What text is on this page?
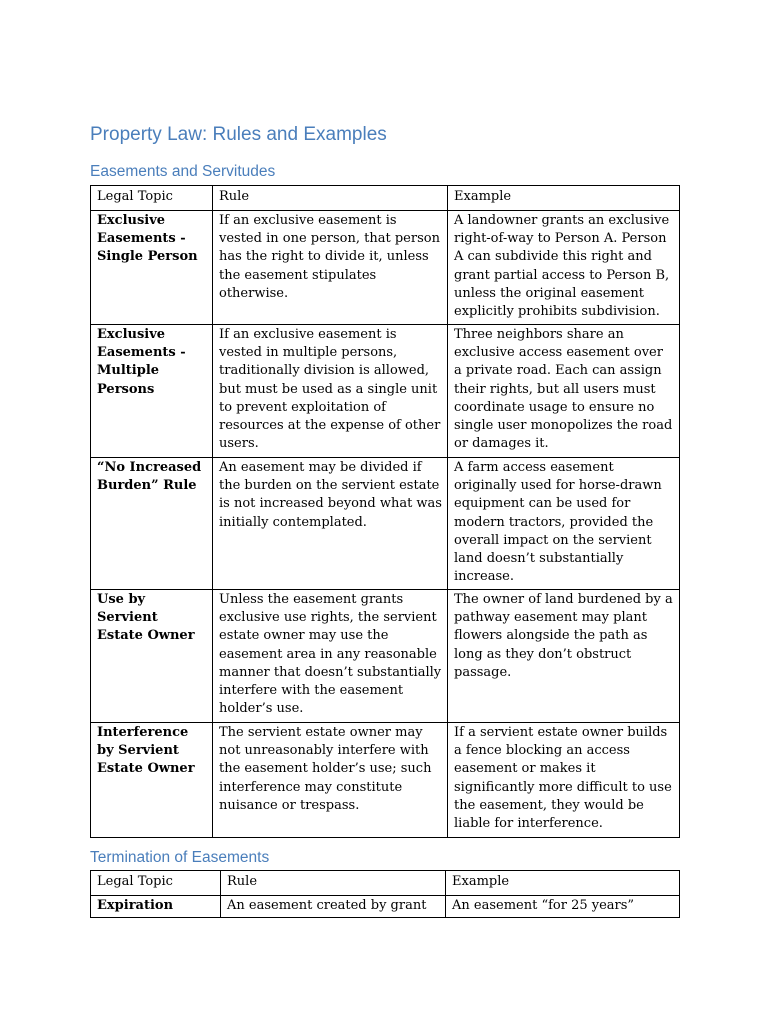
Property Law: Rules and Examples
Easements and Servitudes
Legal Topic	Rule	Example
Exclusive Easements - Single Person	If an exclusive easement is vested in one person, that person has the right to divide it, unless the easement stipulates otherwise.	A landowner grants an exclusive right-of-way to Person A. Person A can subdivide this right and grant partial access to Person B, unless the original easement explicitly prohibits subdivision.
Exclusive Easements - Multiple Persons	If an exclusive easement is vested in multiple persons, traditionally division is allowed, but must be used as a single unit to prevent exploitation of resources at the expense of other users.	Three neighbors share an exclusive access easement over a private road. Each can assign their rights, but all users must coordinate usage to ensure no single user monopolizes the road or damages it.
“No Increased Burden” Rule	An easement may be divided if the burden on the servient estate is not increased beyond what was initially contemplated.	A farm access easement originally used for horse-drawn equipment can be used for modern tractors, provided the overall impact on the servient land doesn’t substantially increase.
Use by Servient Estate Owner	Unless the easement grants exclusive use rights, the servient estate owner may use the easement area in any reasonable manner that doesn’t substantially interfere with the easement holder’s use.	The owner of land burdened by a pathway easement may plant flowers alongside the path as long as they don’t obstruct passage.
Interference by Servient Estate Owner	The servient estate owner may not unreasonably interfere with the easement holder’s use; such interference may constitute nuisance or trespass.	If a servient estate owner builds a fence blocking an access easement or makes it significantly more difficult to use the easement, they would be liable for interference.
Termination of Easements
Legal Topic	Rule	Example
Expiration	An easement created by grant	An easement “for 25 years”
